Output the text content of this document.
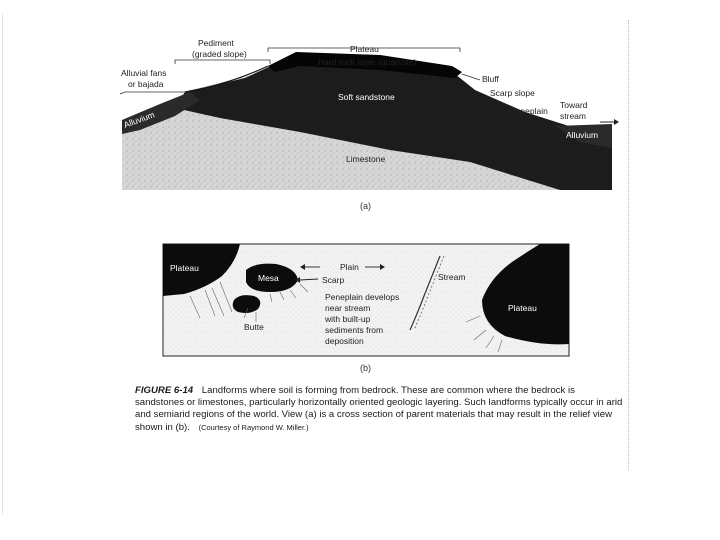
Pediment
(graded slope)	Plateau
Hard rock layer (quartzite)
Alluvial fans
or bajada	Bluff
Scarp slope
Soft sandstone
Peneplain
Toward
stream
Alluvium
Alluvium
Limestone
(a)
Plateau
Mesa
Plain
Scarp	Stream
Plateau
Peneplain develops
near stream
with built-up
sediments from
deposition
Butte
(b)
FIGURE 6-14 Landforms where soil is forming from bedrock. These are common where the bedrock is sandstones or limestones, particularly horizontally oriented geologic layering. Such landforms typically occur in arid and semiarid regions of the world. View (a) is a cross section of parent materials that may result in the relief view shown in (b). (Courtesy of Raymond W. Miller.)
